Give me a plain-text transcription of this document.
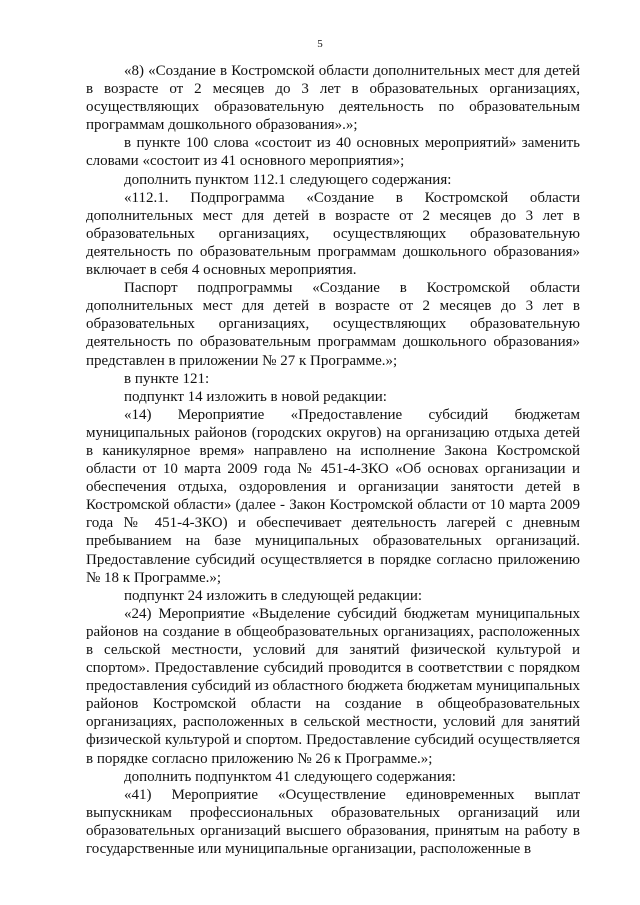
5

«8) «Создание в Костромской области дополнительных мест для детей в возрасте от 2 месяцев до 3 лет в образовательных организациях, осуществляющих образовательную деятельность по образовательным программам дошкольного образования».»;

в пункте 100 слова «состоит из 40 основных мероприятий» заменить словами «состоит из 41 основного мероприятия»;

дополнить пунктом 112.1 следующего содержания:

«112.1. Подпрограмма «Создание в Костромской области дополнительных мест для детей в возрасте от 2 месяцев до 3 лет в образовательных организациях, осуществляющих образовательную деятельность по образовательным программам дошкольного образования» включает в себя 4 основных мероприятия.

Паспорт подпрограммы «Создание в Костромской области дополнительных мест для детей в возрасте от 2 месяцев до 3 лет в образовательных организациях, осуществляющих образовательную деятельность по образовательным программам дошкольного образования» представлен в приложении № 27 к Программе.»;

в пункте 121:

подпункт 14 изложить в новой редакции:

«14) Мероприятие «Предоставление субсидий бюджетам муниципальных районов (городских округов) на организацию отдыха детей в каникулярное время» направлено на исполнение Закона Костромской области от 10 марта 2009 года № 451-4-ЗКО «Об основах организации и обеспечения отдыха, оздоровления и организации занятости детей в Костромской области» (далее - Закон Костромской области от 10 марта 2009 года № 451-4-ЗКО) и обеспечивает деятельность лагерей с дневным пребыванием на базе муниципальных образовательных организаций. Предоставление субсидий осуществляется в порядке согласно приложению № 18 к Программе.»;

подпункт 24 изложить в следующей редакции:

«24) Мероприятие «Выделение субсидий бюджетам муниципальных районов на создание в общеобразовательных организациях, расположенных в сельской местности, условий для занятий физической культурой и спортом». Предоставление субсидий проводится в соответствии с порядком предоставления субсидий из областного бюджета бюджетам муниципальных районов Костромской области на создание в общеобразовательных организациях, расположенных в сельской местности, условий для занятий физической культурой и спортом. Предоставление субсидий осуществляется в порядке согласно приложению № 26 к Программе.»;

дополнить подпунктом 41 следующего содержания:

«41) Мероприятие «Осуществление единовременных выплат выпускникам профессиональных образовательных организаций или образовательных организаций высшего образования, принятым на работу в государственные или муниципальные организации, расположенные в
